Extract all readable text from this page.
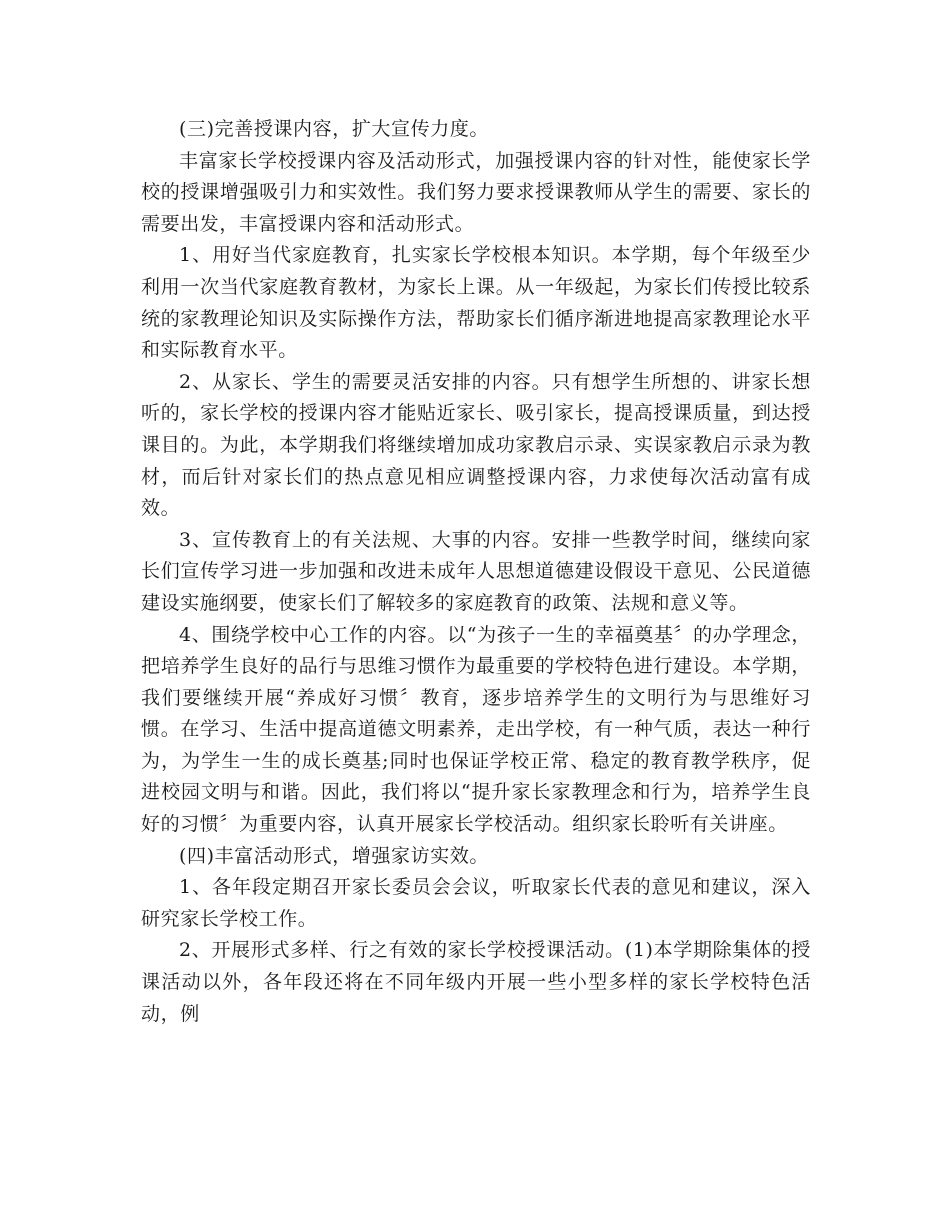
(三)完善授课内容，扩大宣传力度。

丰富家长学校授课内容及活动形式，加强授课内容的针对性，能使家长学校的授课增强吸引力和实效性。我们努力要求授课教师从学生的需要、家长的需要出发，丰富授课内容和活动形式。

1、用好当代家庭教育，扎实家长学校根本知识。本学期，每个年级至少利用一次当代家庭教育教材，为家长上课。从一年级起，为家长们传授比较系统的家教理论知识及实际操作方法，帮助家长们循序渐进地提高家教理论水平和实际教育水平。

2、从家长、学生的需要灵活安排的内容。只有想学生所想的、讲家长想听的，家长学校的授课内容才能贴近家长、吸引家长，提高授课质量，到达授课目的。为此，本学期我们将继续增加成功家教启示录、实误家教启示录为教材，而后针对家长们的热点意见相应调整授课内容，力求使每次活动富有成效。

3、宣传教育上的有关法规、大事的内容。安排一些教学时间，继续向家长们宣传学习进一步加强和改进未成年人思想道德建设假设干意见、公民道德建设实施纲要，使家长们了解较多的家庭教育的政策、法规和意义等。

4、围绕学校中心工作的内容。以“为孩子一生的幸福奠基〞的办学理念，把培养学生良好的品行与思维习惯作为最重要的学校特色进行建设。本学期，我们要继续开展“养成好习惯〞教育，逐步培养学生的文明行为与思维好习惯。在学习、生活中提高道德文明素养，走出学校，有一种气质，表达一种行为，为学生一生的成长奠基;同时也保证学校正常、稳定的教育教学秩序，促进校园文明与和谐。因此，我们将以“提升家长家教理念和行为，培养学生良好的习惯〞为重要内容，认真开展家长学校活动。组织家长聆听有关讲座。

(四)丰富活动形式，增强家访实效。

1、各年段定期召开家长委员会会议，听取家长代表的意见和建议，深入研究家长学校工作。

2、开展形式多样、行之有效的家长学校授课活动。(1)本学期除集体的授课活动以外，各年段还将在不同年级内开展一些小型多样的家长学校特色活动，例
